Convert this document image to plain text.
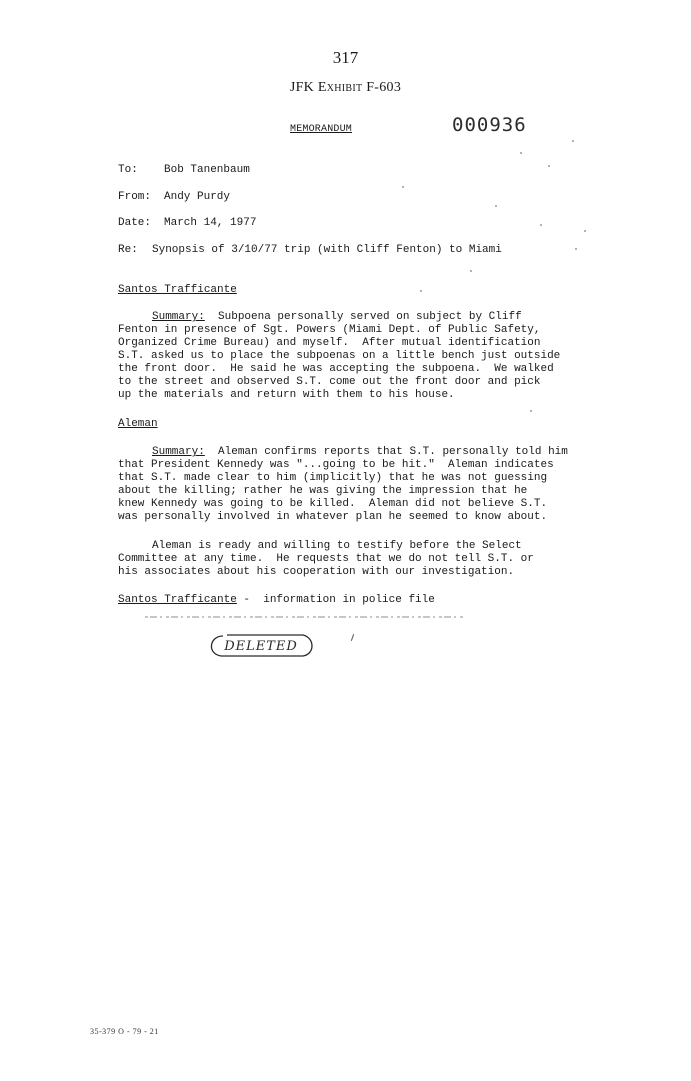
317
JFK Exhibit F-603
MEMORANDUM	000936
To: Bob Tanenbaum
From: Andy Purdy
Date: March 14, 1977
Re: Synopsis of 3/10/77 trip (with Cliff Fenton) to Miami
Santos Trafficante
Summary: Subpoena personally served on subject by Cliff
Fenton in presence of Sgt. Powers (Miami Dept. of Public Safety,
Organized Crime Bureau) and myself.  After mutual identification
S.T. asked us to place the subpoenas on a little bench just outside
the front door.  He said he was accepting the subpoena.  We walked
to the street and observed S.T. come out the front door and pick
up the materials and return with them to his house.
Aleman
Summary: Aleman confirms reports that S.T. personally told him
that President Kennedy was "...going to be hit."  Aleman indicates
that S.T. made clear to him (implicitly) that he was not guessing
about the killing; rather he was giving the impression that he
knew Kennedy was going to be killed.  Aleman did not believe S.T.
was personally involved in whatever plan he seemed to know about.
Aleman is ready and willing to testify before the Select
Committee at any time.  He requests that we do not tell S.T. or
his associates about his cooperation with our investigation.
Santos Trafficante -  information in police file
DELETED
35-379 O - 79 - 21
